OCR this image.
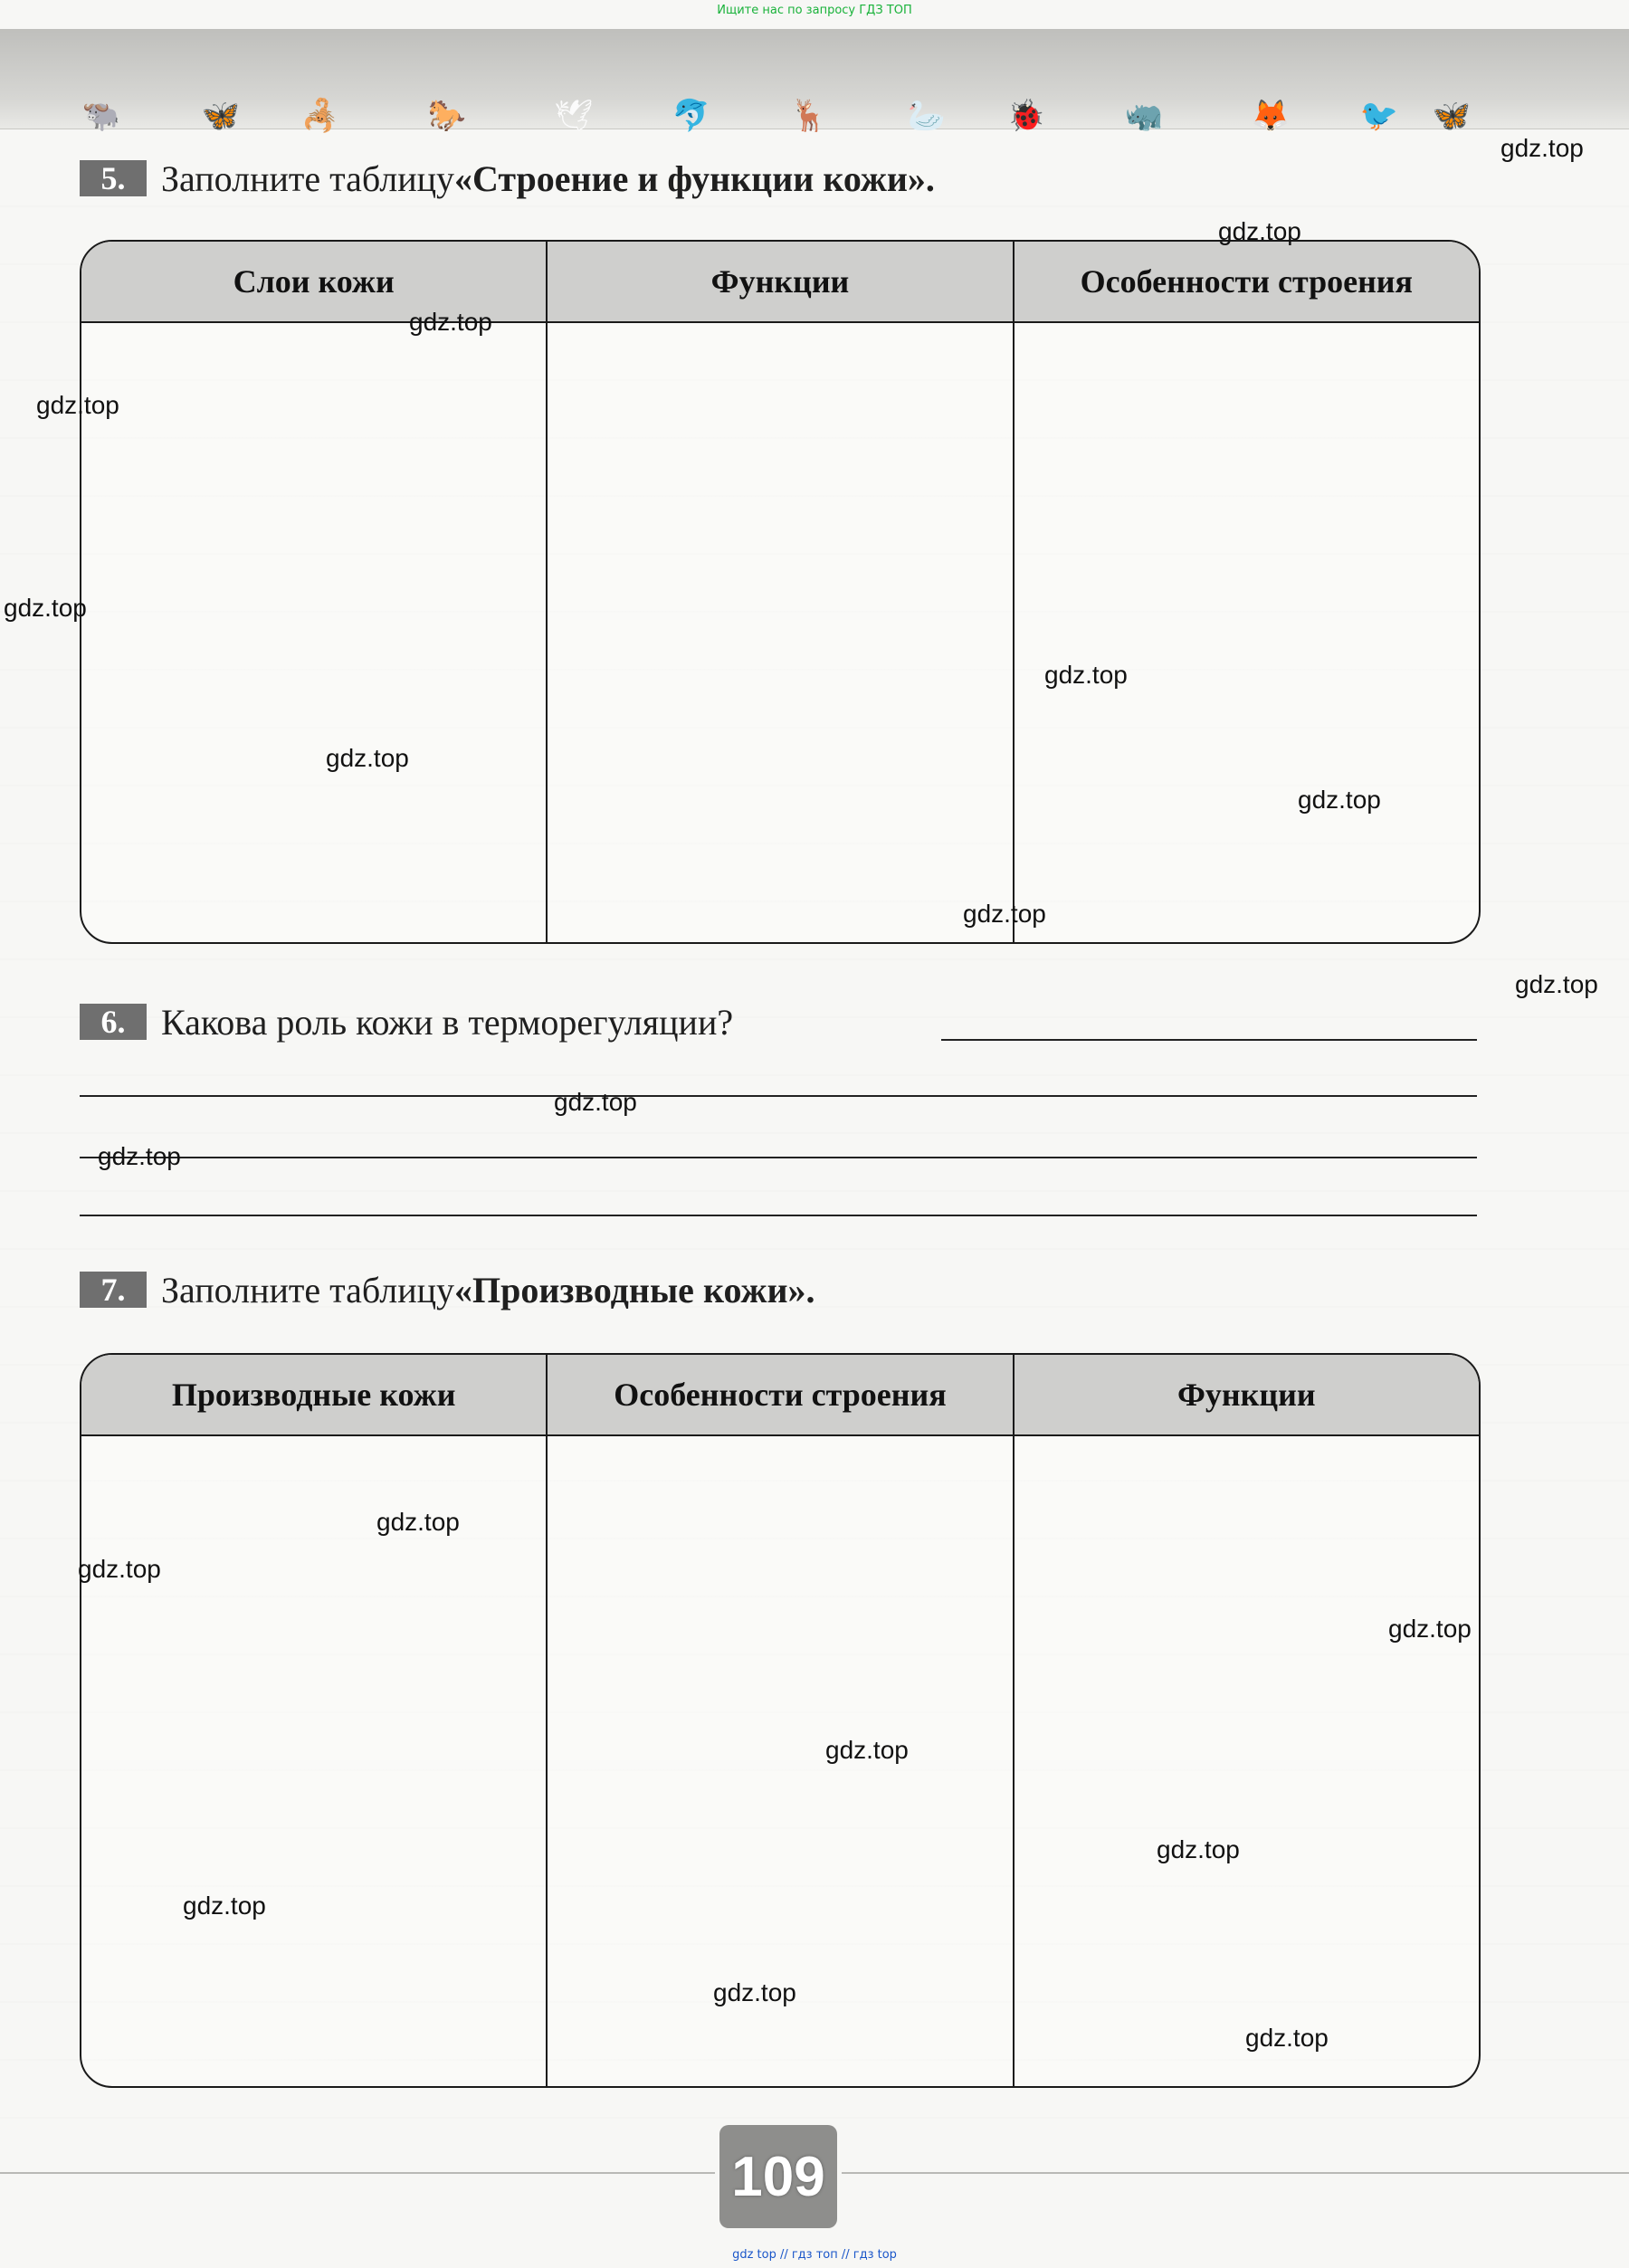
Ищите нас по запросу ГДЗ ТОП
🐃	🦋 🦂	🐎	🕊	🐬	🦌	🦢 🐞	🦏	🦊 🐦 🦋
5. Заполните таблицу «Строение и функции кожи».
Слои кожи	Функции	Особенности строения
6. Какова роль кожи в терморегуляции?
7. Заполните таблицу «Производные кожи».
Производные кожи	Особенности строения	Функции
gdz.top
gdz.top
gdz.top
gdz.top
gdz.top
gdz.top
gdz.top
gdz.top
gdz.top
gdz.top
gdz.top
gdz.top
gdz.top
gdz.top
gdz.top
gdz.top
gdz.top
gdz.top
gdz.top
gdz.top
109
gdz top // гдз топ // гдз top
